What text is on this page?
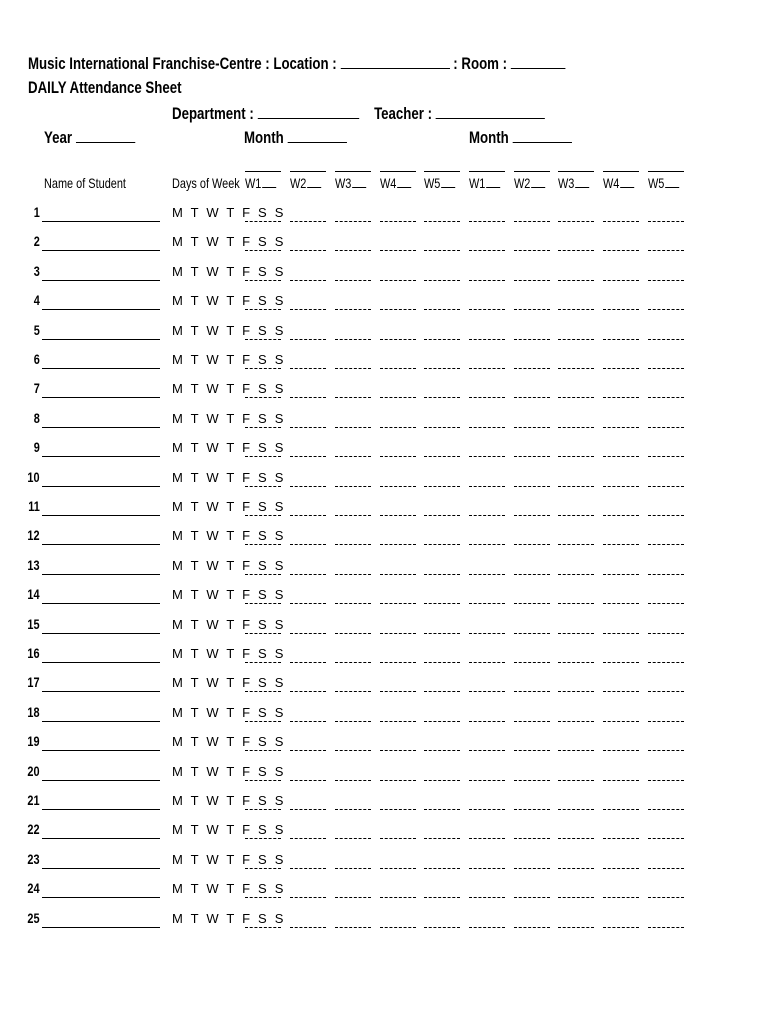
Music International Franchise-Centre : Location :	: Room :
DAILY Attendance Sheet
Department :	Teacher :
Year	Month	Month
Name of Student	Days of Week W1	W2	W3	W4	W5	W1	W2	W3	W4	W5
1	M T W T F S S
2	M T W T F S S
3	M T W T F S S
4	M T W T F S S
5	M T W T F S S
6	M T W T F S S
7	M T W T F S S
8	M T W T F S S
9	M T W T F S S
10	M T W T F S S
11	M T W T F S S
12	M T W T F S S
13	M T W T F S S
14	M T W T F S S
15	M T W T F S S
16	M T W T F S S
17	M T W T F S S
18	M T W T F S S
19	M T W T F S S
20	M T W T F S S
21	M T W T F S S
22	M T W T F S S
23	M T W T F S S
24	M T W T F S S
25	M T W T F S S
